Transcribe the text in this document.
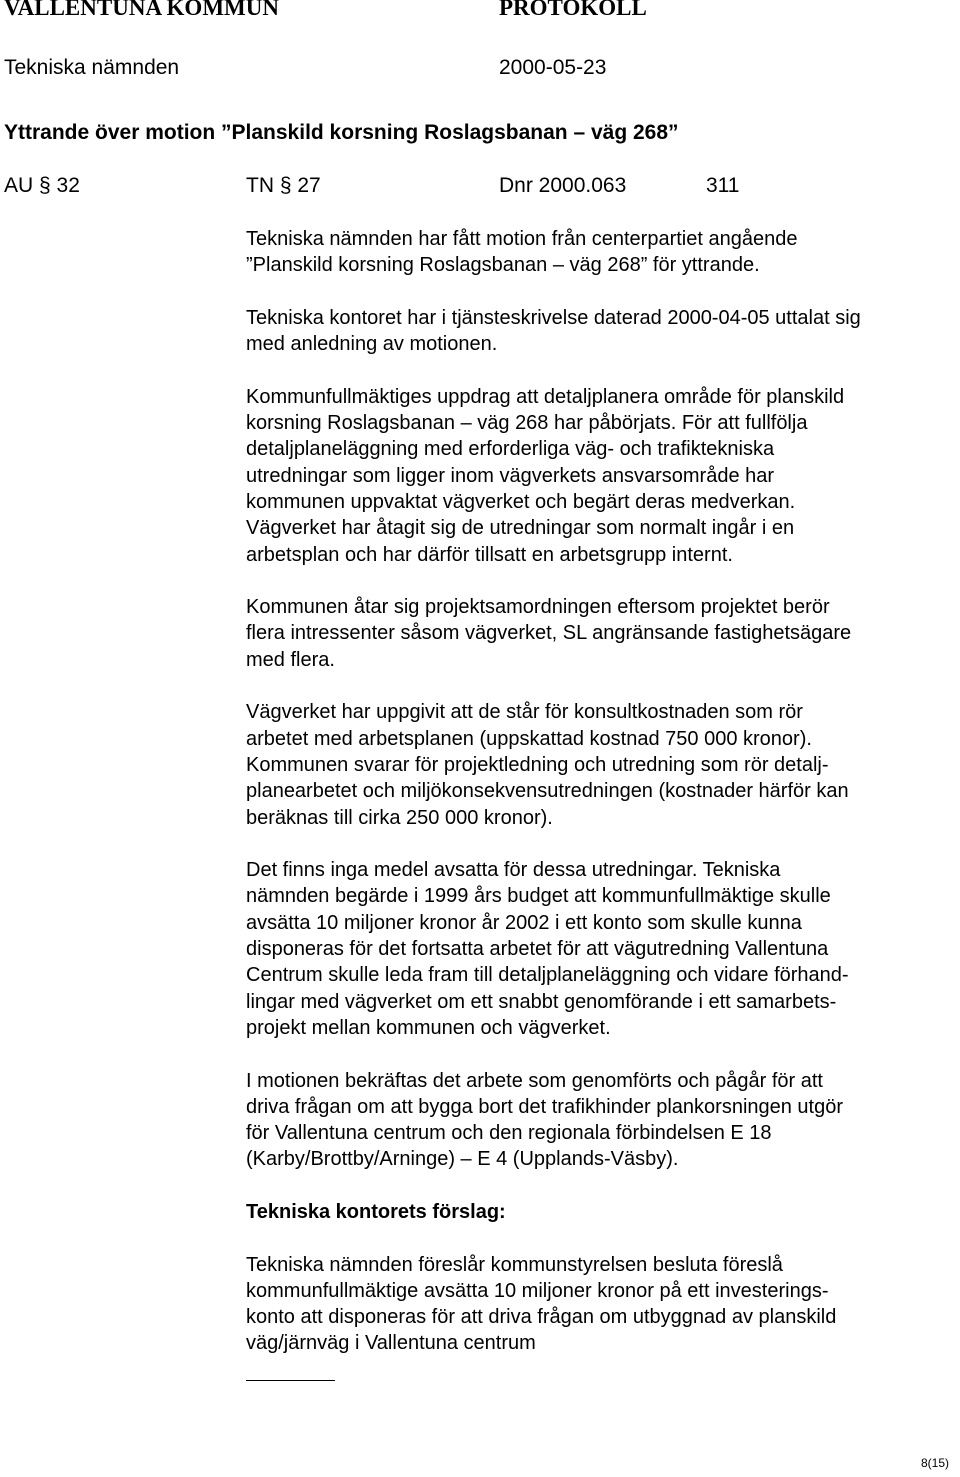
VALLENTUNA KOMMUN	PROTOKOLL
Tekniska nämnden	2000-05-23
Yttrande över motion ”Planskild korsning Roslagsbanan – väg 268”
AU § 32	TN § 27	Dnr 2000.063	311

Tekniska nämnden har fått motion från centerpartiet angående
”Planskild korsning Roslagsbanan – väg 268” för yttrande.

Tekniska kontoret har i tjänsteskrivelse daterad 2000-04-05 uttalat sig
med anledning av motionen.

Kommunfullmäktiges uppdrag att detaljplanera område för planskild
korsning Roslagsbanan – väg 268 har påbörjats. För att fullfölja
detaljplaneläggning med erforderliga väg- och trafiktekniska
utredningar som ligger inom vägverkets ansvarsområde har
kommunen uppvaktat vägverket och begärt deras medverkan.
Vägverket har åtagit sig de utredningar som normalt ingår i en
arbetsplan och har därför tillsatt en arbetsgrupp internt.

Kommunen åtar sig projektsamordningen eftersom projektet berör
flera intressenter såsom vägverket, SL angränsande fastighetsägare
med flera.

Vägverket har uppgivit att de står för konsultkostnaden som rör
arbetet med arbetsplanen (uppskattad kostnad 750 000 kronor).
Kommunen svarar för projektledning och utredning som rör detalj-
planearbetet och miljökonsekvensutredningen (kostnader härför kan
beräknas till cirka 250 000 kronor).

Det finns inga medel avsatta för dessa utredningar. Tekniska
nämnden begärde i 1999 års budget att kommunfullmäktige skulle
avsätta 10 miljoner kronor år 2002 i ett konto som skulle kunna
disponeras för det fortsatta arbetet för att vägutredning Vallentuna
Centrum skulle leda fram till detaljplaneläggning och vidare förhand-
lingar med vägverket om ett snabbt genomförande i ett samarbets-
projekt mellan kommunen och vägverket.

I motionen bekräftas det arbete som genomförts och pågår för att
driva frågan om att bygga bort det trafikhinder plankorsningen utgör
för Vallentuna centrum och den regionala förbindelsen E 18
(Karby/Brottby/Arninge) – E 4 (Upplands-Väsby).

Tekniska kontorets förslag:

Tekniska nämnden föreslår kommunstyrelsen besluta föreslå
kommunfullmäktige avsätta 10 miljoner kronor på ett investerings-
konto att disponeras för att driva frågan om utbyggnad av planskild
väg/järnväg i Vallentuna centrum

8(15)
